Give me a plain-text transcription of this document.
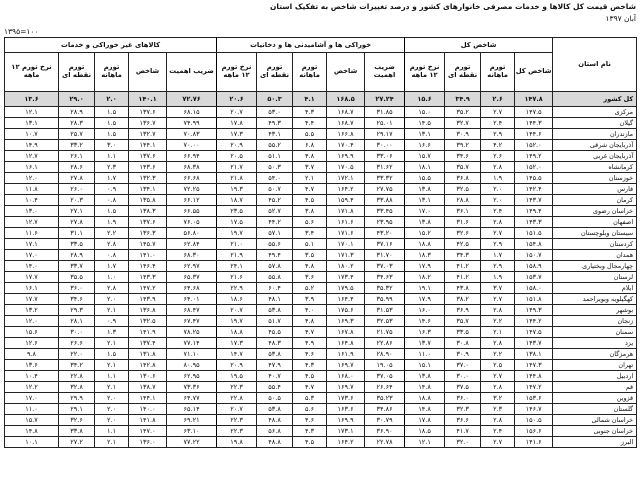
شاخص قیمت کل کالاها و خدمات مصرفی خانوارهای کشور و درصد تغییرات شاخص به تفکیک استان
آبان ۱۳۹۷
۱۳۹۵=۱۰۰
نام استان	شاخص کل				خوراکی ها و آشامیدنی ها و دخانیات					کالاهای غیر خوراکی و خدمات				
	شاخص کل	تورم ماهانه	تورم نقطه ای	نرخ تورم ۱۲ ماهه	ضریب اهمیت	شاخص	تورم ماهانه	تورم نقطه ای	نرخ تورم ۱۲ ماهه	ضریب اهمیت	شاخص	تورم ماهانه	تورم نقطه ای	نرخ تورم ۱۲ ماهه
کل کشور	۱۴۷.۸	۲.۶	۳۴.۹	۱۵.۶	۲۷.۲۴	۱۶۸.۵	۴.۱	۵۰.۳	۲۰.۶	۷۲.۷۶	۱۴۰.۱	۲.۰	۲۹.۰	۱۳.۶
مرکزی	۱۴۷.۵	۲.۷	۳۵.۲	۱۵.۰	۳۱.۸۵	۱۶۸.۷	۴.۳	۵۳.۰	۲۰.۷	۶۸.۱۵	۱۳۷.۶	۱.۵	۲۸.۹	۱۲.۱
گیلان	۱۴۴.۳	۲.۴	۳۲.۷	۱۴.۵	۲۵.۰۱	۱۶۸.۷	۴.۴	۴۹.۳	۱۷.۸	۷۴.۹۹	۱۳۶.۷	۱.۵	۲۸.۳	۱۳.۱
مازندران	۱۴۴.۶	۲.۹	۳۰.۹	۱۳.۱	۲۹.۱۷	۱۶۶.۸	۵.۵	۴۳.۱	۱۷.۳	۷۰.۸۳	۱۳۲.۷	۱.۵	۲۵.۷	۱۰.۷
آذربایجان شرقی	۱۵۲.۰	۴.۲	۳۹.۲	۱۶.۶	۳۰.۰۰	۱۷۰.۴	۶.۸	۵۵.۲	۲۰.۹	۷۰.۰۰	۱۴۴.۱	۳.۰	۳۳.۲	۱۴.۹
آذربایجان غربی	۱۴۹.۲	۲.۶	۳۴.۶	۱۵.۷	۳۳.۰۶	۱۶۹.۹	۴.۸	۵۱.۱	۲۰.۵	۶۶.۹۴	۱۳۷.۶	۱.۱	۲۶.۱	۱۲.۷
کرمانشاه	۱۵۲.۰	۲.۸	۳۵.۷	۱۸.۱	۳۱.۶۲	۱۷۰.۵	۳.۷	۵۰.۳	۲۱.۷	۶۸.۳۸	۱۴۳.۶	۲.۳	۲۸.۶	۱۶.۱
خوزستان	۱۴۵.۵	۱.۹	۳۶.۸	۱۵.۵	۳۳.۳۲	۱۷۲.۱	۲.۱	۵۴.۰	۲۱.۸	۶۶.۶۸	۱۳۲.۳	۱.۷	۲۷.۸	۱۲.۰
فارس	۱۴۲.۴	۲.۰	۳۲.۵	۱۳.۸	۲۷.۷۵	۱۶۴.۲	۴.۷	۵۰.۷	۱۹.۳	۷۲.۲۵	۱۳۴.۱	۰.۹	۲۶.۰	۱۱.۸
کرمان	۱۴۳.۷	۲.۰	۲۸.۸	۱۳.۱	۳۳.۸۸	۱۵۹.۴	۴.۵	۴۵.۲	۱۸.۷	۶۶.۱۲	۱۳۵.۸	۰.۸	۲۰.۳	۱۰.۴
خراسان رضوی	۱۴۹.۴	۲.۴	۳۶.۱	۱۷.۰	۳۳.۴۵	۱۷۱.۸	۳.۸	۵۲.۷	۲۳.۵	۶۶.۵۵	۱۳۸.۳	۱.۵	۲۷.۱	۱۳.۰
اصفهان	۱۴۳.۳	۲.۸	۳۱.۶	۱۳.۸	۲۳.۹۵	۱۶۱.۶	۵.۶	۴۴.۲	۱۷.۵	۷۶.۰۵	۱۳۷.۶	۱.۹	۲۷.۸	۱۲.۷
سیستان وبلوچستان	۱۵۱.۵	۲.۷	۳۲.۶	۱۵.۲	۴۳.۲۰	۱۷۱.۶	۳.۴	۵۷.۱	۱۹.۷	۵۶.۸۰	۱۳۶.۳	۲.۲	۳۱.۱	۱۱.۶
کردستان	۱۵۴.۸	۲.۹	۴۲.۵	۱۸.۸	۳۷.۱۶	۱۷۰.۱	۵.۱	۵۵.۶	۲۱.۰	۶۲.۸۴	۱۴۵.۷	۲.۸	۳۳.۵	۱۷.۱
همدان	۱۵۰.۷	۱.۷	۳۴.۳	۱۸.۳	۳۱.۷۰	۱۷۱.۳	۳.۵	۴۹.۴	۲۱.۹	۶۸.۳۰	۱۴۱.۰	۰.۸	۲۸.۹	۱۷.۰
چهارمحال وبختیاری	۱۵۸.۹	۲.۹	۴۱.۲	۱۷.۹	۳۷.۰۳	۱۸۰.۲	۴.۸	۵۷.۸	۲۴.۱	۶۲.۹۷	۱۴۶.۴	۱.۷	۳۳.۷	۱۴.۰
لرستان	۱۵۳.۷	۱.۹	۴۱.۲	۱۸.۲	۳۴.۶۳	۱۷۳.۴	۳.۶	۵۵.۸	۲۱.۶	۶۵.۳۷	۱۴۳.۳	۱.۰	۳۵.۵	۱۷.۷
ایلام	۱۵۸.۰	۳.۷	۴۳.۸	۱۹.۱	۳۵.۳۲	۱۷۹.۵	۵.۲	۶۰.۴	۲۲.۹	۶۴.۶۸	۱۴۷.۲	۲.۸	۳۶.۰	۱۶.۱
کهگیلویه وبویراحمد	۱۵۱.۸	۲.۷	۳۸.۲	۱۷.۹	۳۵.۹۹	۱۶۴.۴	۳.۹	۴۸.۱	۱۸.۶	۶۴.۰۱	۱۴۳.۹	۲.۰	۳۴.۶	۱۷.۷
بوشهر	۱۴۹.۳	۲.۸	۳۶.۹	۱۶.۰	۳۱.۵۳	۱۷۵.۶	۴.۰	۵۳.۸	۲۰.۷	۶۸.۴۷	۱۳۶.۸	۲.۱	۲۹.۳	۱۳.۲
زنجان	۱۴۴.۲	۲.۲	۳۵.۷	۱۴.۶	۳۲.۵۳	۱۶۹.۳	۴.۸	۵۱.۷	۱۹.۷	۶۷.۴۷	۱۳۲.۵	۰.۹	۲۸.۱	۱۲.۰
سمنان	۱۴۷.۵	۲.۱	۳۳.۵	۱۶.۳	۲۱.۷۵	۱۶۷.۸	۴.۷	۴۵.۵	۱۸.۸	۷۸.۲۵	۱۴۱.۹	۱.۳	۳۰.۰	۱۵.۶
یزد	۱۴۳.۷	۲.۸	۳۰.۸	۱۳.۷	۲۲.۸۶	۱۶۴.۸	۴.۹	۴۸.۳	۱۷.۳	۷۷.۱۴	۱۳۷.۴	۲.۱	۲۶.۶	۱۲.۶
هرمزگان	۱۳۸.۱	۲.۲	۳۰.۹	۱۱.۰	۲۸.۹۰	۱۶۱.۹	۴.۶	۵۳.۸	۱۴.۷	۷۱.۱۰	۱۳۱.۸	۱.۵	۲۲.۰	۹.۸
تهران	۱۴۷.۳	۲.۵	۳۷.۰	۱۵.۱	۱۹.۰۵	۱۶۹.۷	۴.۳	۴۷.۹	۲۰.۹	۸۰.۹۵	۱۴۲.۸	۲.۱	۳۴.۲	۱۳.۶
اردبیل	۱۴۴.۸	۲.۷	۳۰.۰	۱۳.۸	۳۷.۰۵	۱۶۸.۰	۴.۵	۴۰.۷	۱۹.۵	۶۲.۹۵	۱۳۰.۶	۱.۱	۲۲.۸	۱۰.۴
قم	۱۴۷.۲	۲.۸	۳۷.۵	۱۴.۸	۲۶.۶۴	۱۶۹.۷	۴.۷	۵۵.۴	۲۲.۳	۷۳.۳۶	۱۳۸.۷	۲.۱	۳۲.۸	۱۲.۲
قزوین	۱۵۳.۶	۳.۲	۳۶.۰	۱۸.۸	۳۵.۲۳	۱۷۳.۶	۵.۳	۵۰.۵	۲۲.۸	۶۴.۷۷	۱۴۴.۱	۲.۰	۲۹.۹	۱۷.۰
گلستان	۱۴۶.۷	۲.۳	۳۲.۳	۱۴.۸	۳۴.۸۶	۱۶۳.۶	۵.۶	۵۳.۸	۲۰.۷	۶۵.۱۴	۱۴۰.۰	۲.۰	۲۹.۱	۱۱.۰
خراسان شمالی	۱۵۰.۵	۲.۸	۳۶.۶	۱۷.۸	۳۰.۷۹	۱۶۹.۹	۴.۶	۴۸.۸	۲۲.۳	۶۹.۲۱	۱۴۱.۸	۲.۰	۳۲.۶	۱۵.۷
خراسان جنوبی	۱۵۶.۶	۲.۴	۴۱.۷	۱۸.۵	۳۶.۹۰	۱۷۳.۱	۴.۳	۵۶.۸	۲۲.۳	۶۳.۱۰	۱۴۷.۰	۱.۱	۳۳.۸	۱۴.۸
البرز	۱۴۱.۶	۲.۷	۳۲.۰	۱۲.۱	۲۲.۷۸	۱۶۴.۲	۴.۵	۴۸.۸	۱۹.۸	۷۷.۲۲	۱۳۶.۰	۲.۱	۲۷.۲	۱۰.۱
